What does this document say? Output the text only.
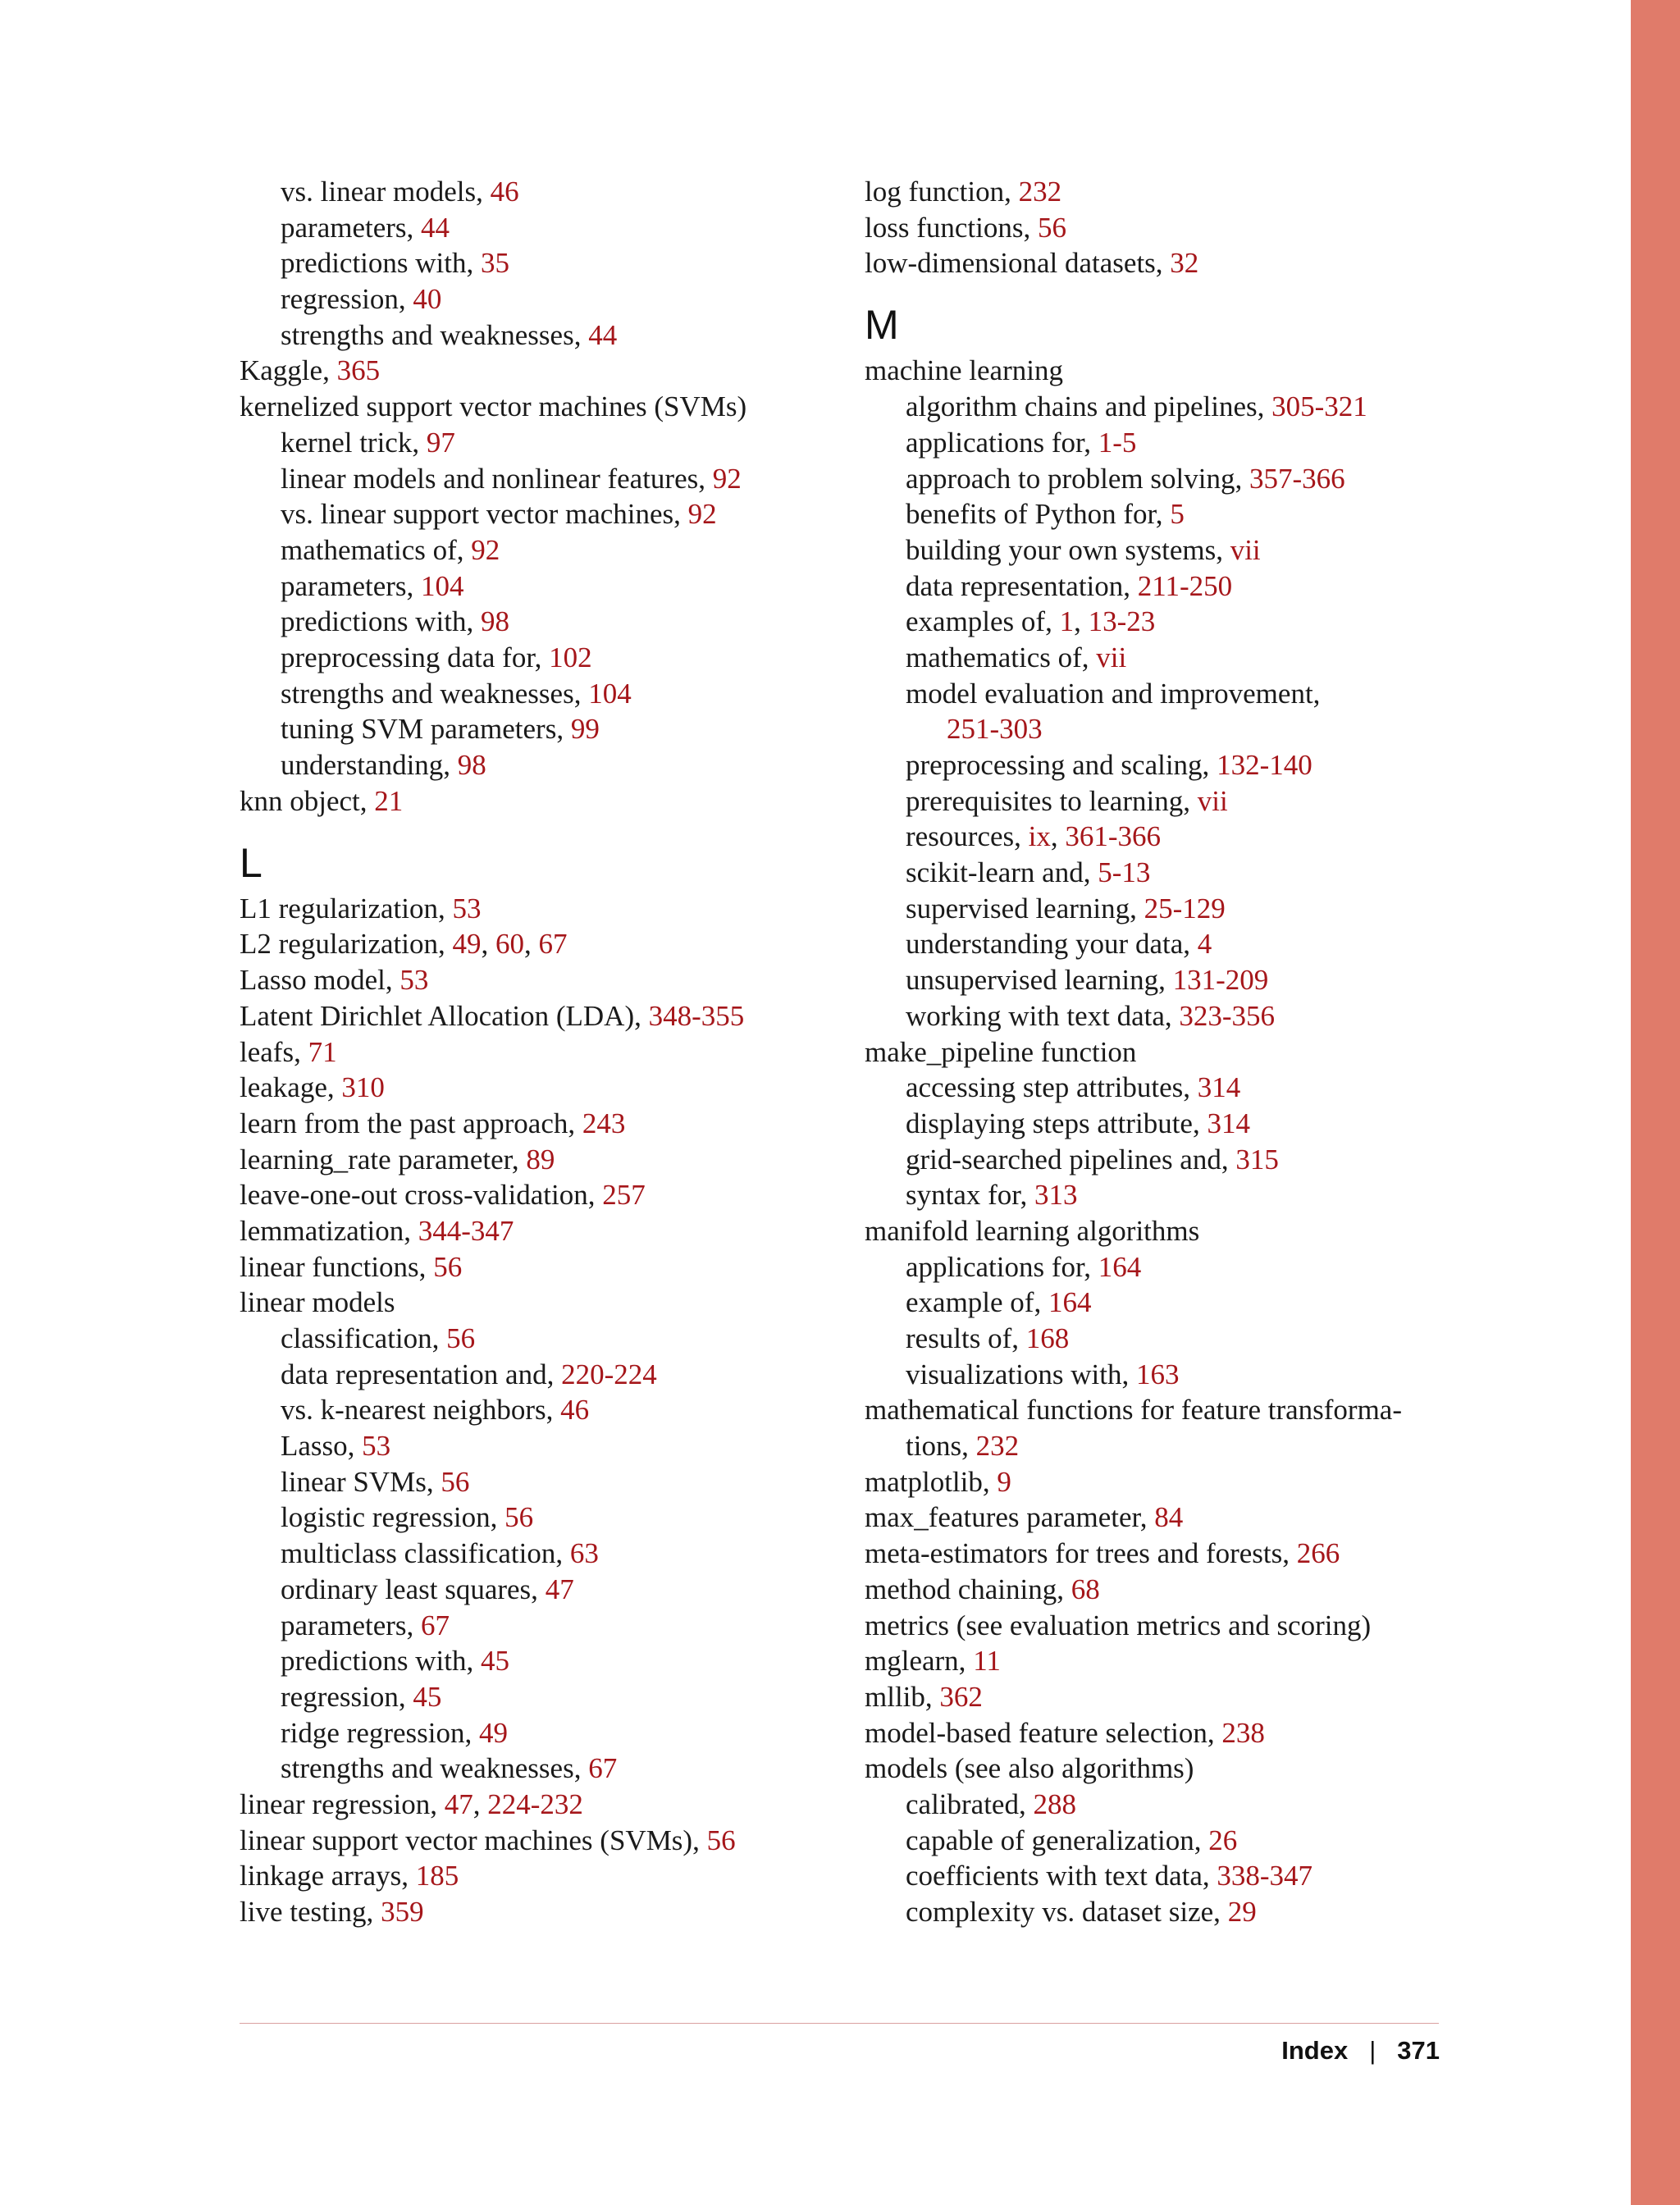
vs. linear models, 46
parameters, 44
predictions with, 35
regression, 40
strengths and weaknesses, 44
Kaggle, 365
kernelized support vector machines (SVMs)
kernel trick, 97
linear models and nonlinear features, 92
vs. linear support vector machines, 92
mathematics of, 92
parameters, 104
predictions with, 98
preprocessing data for, 102
strengths and weaknesses, 104
tuning SVM parameters, 99
understanding, 98
knn object, 21
L
L1 regularization, 53
L2 regularization, 49, 60, 67
Lasso model, 53
Latent Dirichlet Allocation (LDA), 348-355
leafs, 71
leakage, 310
learn from the past approach, 243
learning_rate parameter, 89
leave-one-out cross-validation, 257
lemmatization, 344-347
linear functions, 56
linear models
classification, 56
data representation and, 220-224
vs. k-nearest neighbors, 46
Lasso, 53
linear SVMs, 56
logistic regression, 56
multiclass classification, 63
ordinary least squares, 47
parameters, 67
predictions with, 45
regression, 45
ridge regression, 49
strengths and weaknesses, 67
linear regression, 47, 224-232
linear support vector machines (SVMs), 56
linkage arrays, 185
live testing, 359
log function, 232
loss functions, 56
low-dimensional datasets, 32
M
machine learning
algorithm chains and pipelines, 305-321
applications for, 1-5
approach to problem solving, 357-366
benefits of Python for, 5
building your own systems, vii
data representation, 211-250
examples of, 1, 13-23
mathematics of, vii
model evaluation and improvement,
251-303
preprocessing and scaling, 132-140
prerequisites to learning, vii
resources, ix, 361-366
scikit-learn and, 5-13
supervised learning, 25-129
understanding your data, 4
unsupervised learning, 131-209
working with text data, 323-356
make_pipeline function
accessing step attributes, 314
displaying steps attribute, 314
grid-searched pipelines and, 315
syntax for, 313
manifold learning algorithms
applications for, 164
example of, 164
results of, 168
visualizations with, 163
mathematical functions for feature transforma-
tions, 232
matplotlib, 9
max_features parameter, 84
meta-estimators for trees and forests, 266
method chaining, 68
metrics (see evaluation metrics and scoring)
mglearn, 11
mllib, 362
model-based feature selection, 238
models (see also algorithms)
calibrated, 288
capable of generalization, 26
coefficients with text data, 338-347
complexity vs. dataset size, 29
Index | 371
